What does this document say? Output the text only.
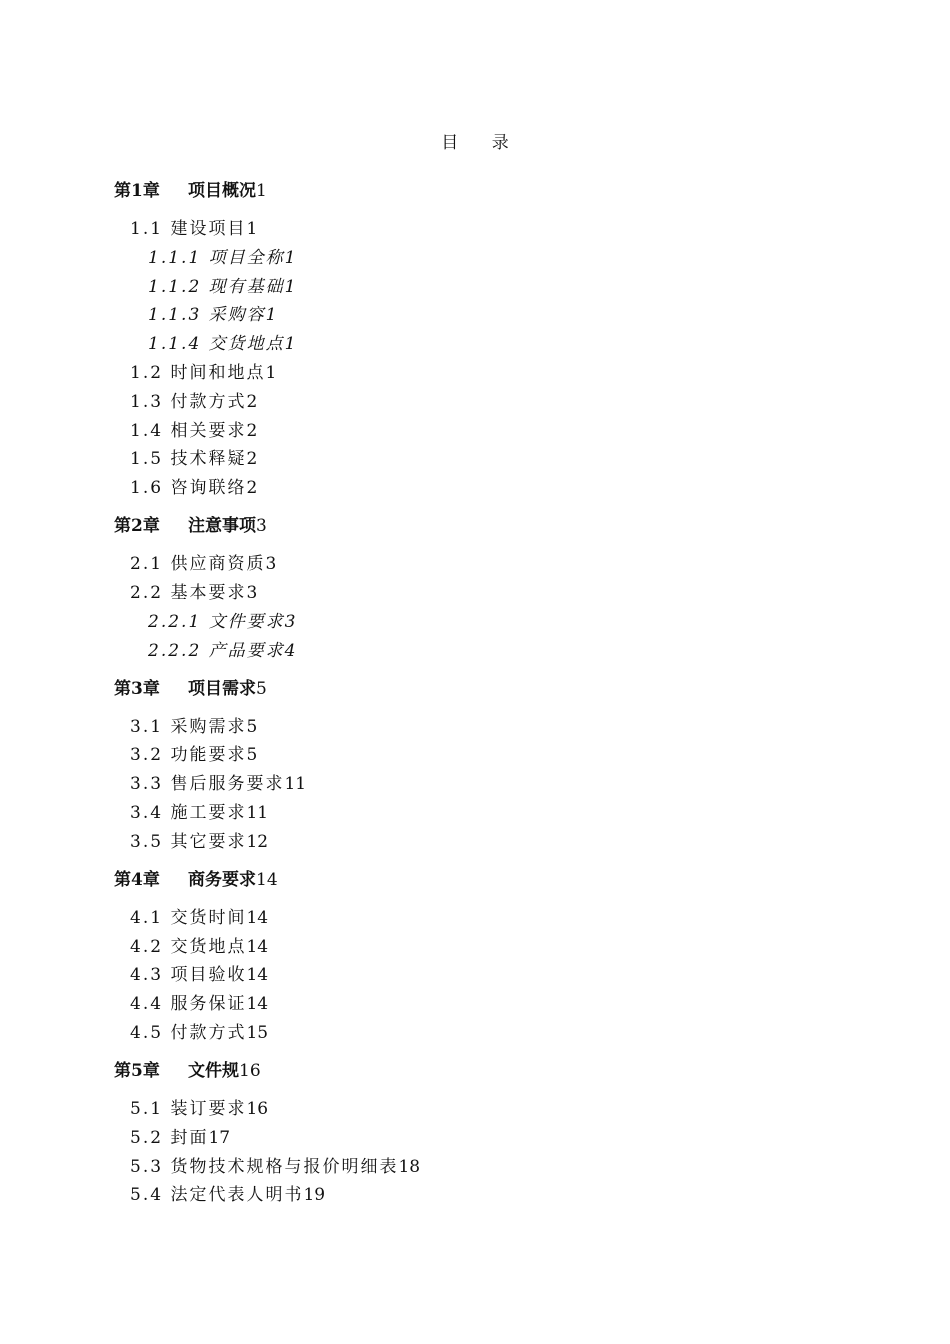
目 录
第1章 项目概况1
1.1 建设项目1
1.1.1 项目全称1
1.1.2 现有基础1
1.1.3 采购容1
1.1.4 交货地点1
1.2 时间和地点1
1.3 付款方式2
1.4 相关要求2
1.5 技术释疑2
1.6 咨询联络2
第2章 注意事项3
2.1 供应商资质3
2.2 基本要求3
2.2.1 文件要求3
2.2.2 产品要求4
第3章 项目需求5
3.1 采购需求5
3.2 功能要求5
3.3 售后服务要求11
3.4 施工要求11
3.5 其它要求12
第4章 商务要求14
4.1 交货时间14
4.2 交货地点14
4.3 项目验收14
4.4 服务保证14
4.5 付款方式15
第5章 文件规16
5.1 装订要求16
5.2 封面17
5.3 货物技术规格与报价明细表18
5.4 法定代表人明书19
